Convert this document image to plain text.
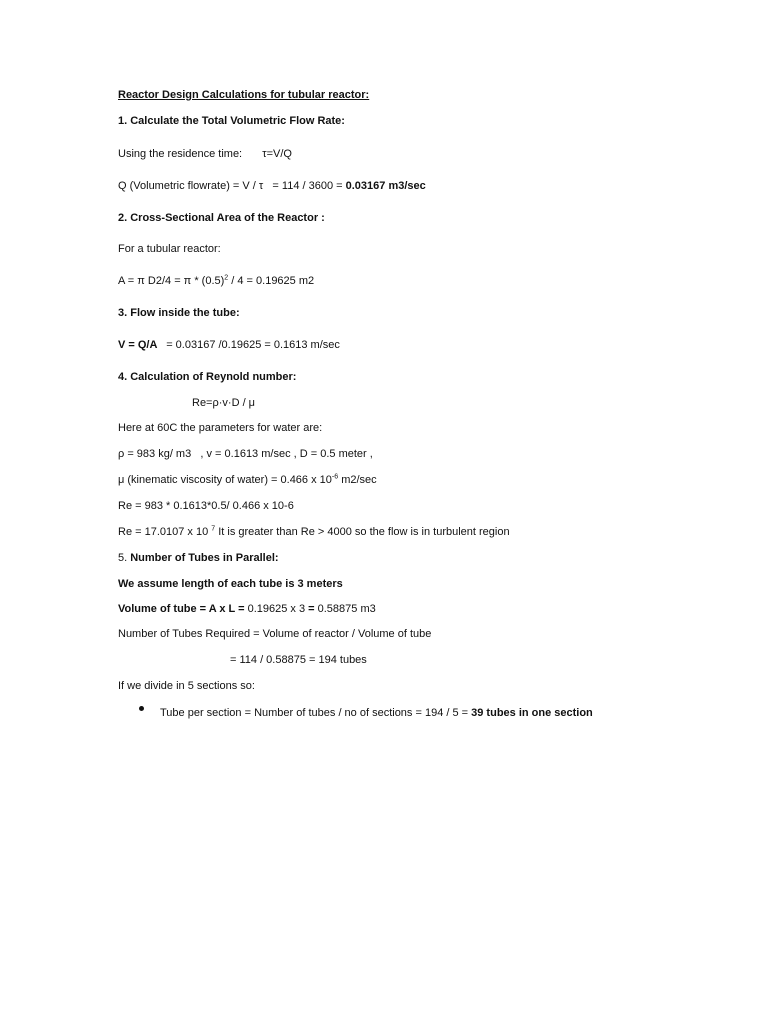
Reactor Design Calculations for tubular reactor:
1. Calculate the Total Volumetric Flow Rate:
Using the residence time: τ=V/Q
Q (Volumetric flowrate) = V / τ   = 114 / 3600 = 0.03167 m3/sec
2. Cross-Sectional Area of the Reactor :
For a tubular reactor:
A = π $D2/4 = \pi * (0.5)^2 / 4 = 0.19625$ m2
3. Flow inside the tube:
V = Q/A   = 0.03167 /0.19625 = 0.1613 m/sec
4. Calculation of Reynold number:
Re=ρ·v·D / μ
Here at 60C the parameters for water are:
ρ = 983 kg/ m3   , v = 0.1613 m/sec , D = 0.5 meter ,
μ (kinematic viscosity of water) = 0.466 x $10^{-6}$ m2/sec
Re = 983 * 0.1613*0.5/ 0.466 x 10-6
Re = 17.0107 x 10 $^7$ It is greater than Re > 4000 so the flow is in turbulent region
5. Number of Tubes in Parallel:
We assume length of each tube is 3 meters
Volume of tube = A x L = 0.19625 x 3 = 0.58875 m3
Number of Tubes Required = Volume of reactor / Volume of tube
= 114 / 0.58875 = 194 tubes
If we divide in 5 sections so:
Tube per section = Number of tubes / no of sections = 194 / 5 = 39 tubes in one section
